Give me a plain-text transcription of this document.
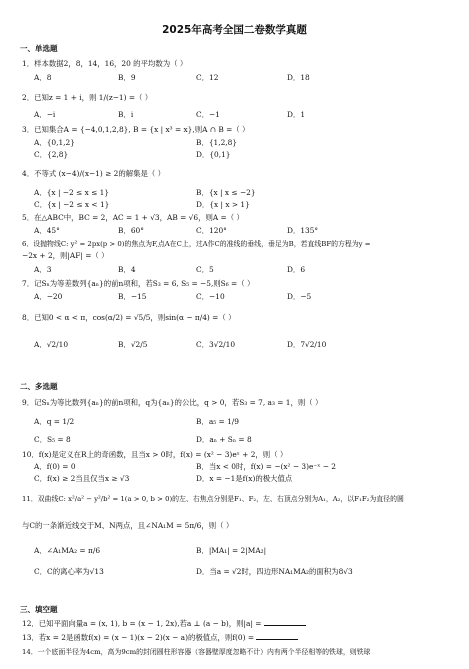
2025年高考全国二卷数学真题
一、单选题
1．样本数据2，8，14，16，20 的平均数为（ ）
A．8	B．9	C．12	D．18
2．已知z = 1 + i，则 1/(z−1) =（ ）
A．−i	B．i	C．−1	D．1
3．已知集合A = {−4,0,1,2,8}, B = {x | x³ = x},则A ∩ B =（ ）
A．{0,1,2}	B．{1,2,8}
C．{2,8}	D．{0,1}
4．不等式 (x−4)/(x−1) ≥ 2的解集是（ ）
A．{x | −2 ≤ x ≤ 1}	B．{x | x ≤ −2}
C．{x | −2 ≤ x < 1}	D．{x | x > 1}
5．在△ABC中，BC = 2，AC = 1 + √3，AB = √6，则A =（ ）
A．45°	B．60°	C．120°	D．135°
6．设抛物线C: y² = 2px(p > 0)的焦点为F,点A在C上，过A作C的准线的垂线，垂足为B，若直线BF的方程为y =
−2x + 2，则|AF| =（ ）
A．3	B．4	C．5	D．6
7．记Sₙ为等差数列{aₙ}的前n项和，若S₃ = 6, S₅ = −5,则S₆ =（ ）
A．−20	B．−15	C．−10	D．−5
8．已知0 < α < π，cos(α/2) = √5/5，则sin(α − π/4) =（ ）
A．√2/10	B．√2/5	C．3√2/10	D．7√2/10
二、多选题
9．记Sₙ为等比数列{aₙ}的前n项和，q为{aₙ}的公比，q > 0，若S₃ = 7, a₃ = 1，则（ ）
A．q = 1/2	B．a₅ = 1/9
C．S₅ = 8	D．aₙ + Sₙ = 8
10．f(x)是定义在R上的奇函数，且当x > 0时，f(x) = (x² − 3)eˣ + 2，则（ ）
A．f(0) = 0	B．当x < 0时，f(x) = −(x² − 3)e⁻ˣ − 2
C．f(x) ≥ 2当且仅当x ≥ √3	D．x = −1是f(x)的极大值点
11．双曲线C: x²/a² − y²/b² = 1(a > 0, b > 0)的左、右焦点分别是F₁、F₂，左、右顶点分别为A₁，A₂，以F₁F₂为直径的圆
与C的一条渐近线交于M、N两点，且∠NA₁M = 5π/6，则（ ）
A．∠A₁MA₂ = π/6	B．|MA₁| = 2|MA₂|
C．C的离心率为√13	D．当a = √2时，四边形NA₁MA₂的面积为8√3
三、填空题
12．已知平面向量a = (x, 1), b = (x − 1, 2x),若a ⊥ (a − b)，则|a| =
13．若x = 2是函数f(x) = (x − 1)(x − 2)(x − a)的极值点，则f(0) =
14．一个底面半径为4cm，高为9cm的封闭圆柱形容器（容器壁厚度忽略不计）内有两个半径相等的铁球，则铁球
